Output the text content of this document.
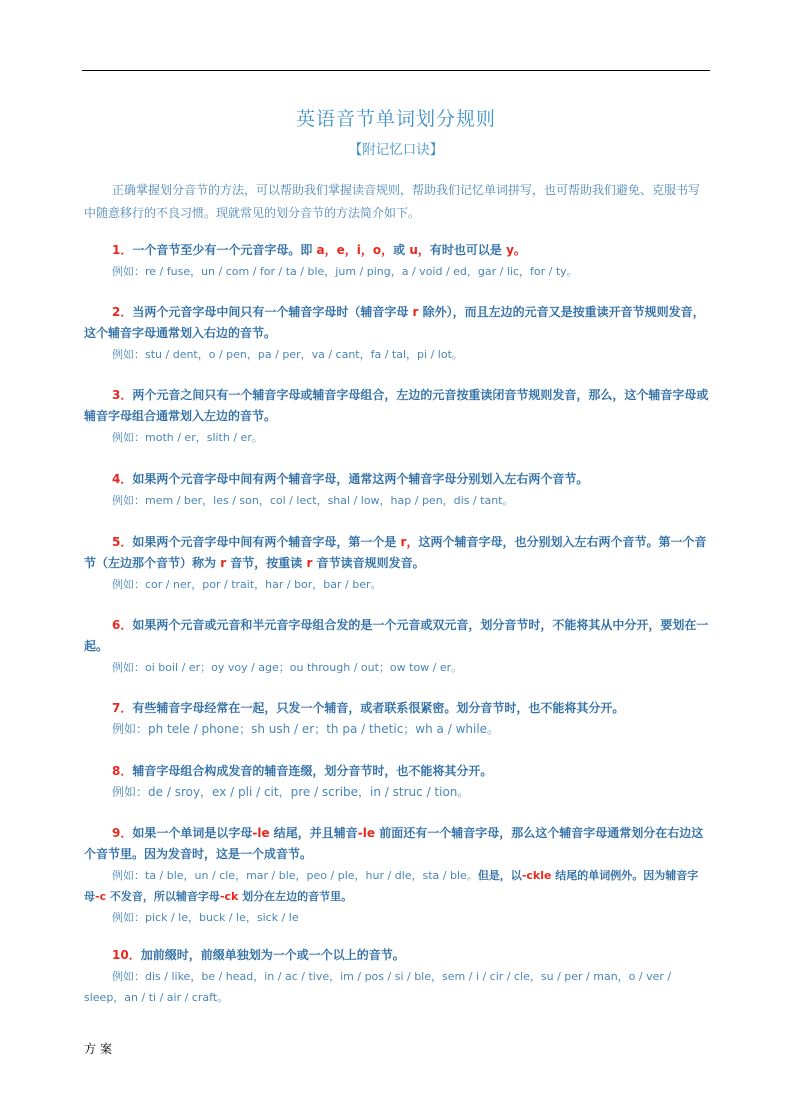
英语音节单词划分规则
【附记忆口诀】
正确掌握划分音节的方法，可以帮助我们掌握读音规则，帮助我们记忆单词拼写，也可帮助我们避免、克服书写中随意移行的不良习惯。现就常见的划分音节的方法简介如下。
1．一个音节至少有一个元音字母。即 a，e，i，o，或 u，有时也可以是 y。
例如：re / fuse，un / com / for / ta / ble，jum / ping，a / void / ed，gar / lic，for / ty。
2．当两个元音字母中间只有一个辅音字母时（辅音字母 r 除外），而且左边的元音又是按重读开音节规则发音，这个辅音字母通常划入右边的音节。
例如：stu / dent，o / pen，pa / per，va / cant，fa / tal，pi / lot。
3．两个元音之间只有一个辅音字母或辅音字母组合，左边的元音按重读闭音节规则发音，那么，这个辅音字母或辅音字母组合通常划入左边的音节。
例如：moth / er，slith / er。
4．如果两个元音字母中间有两个辅音字母，通常这两个辅音字母分别划入左右两个音节。
例如：mem / ber，les / son，col / lect，shal / low，hap / pen，dis / tant。
5．如果两个元音字母中间有两个辅音字母，第一个是 r，这两个辅音字母，也分别划入左右两个音节。第一个音节（左边那个音节）称为 r 音节，按重读 r 音节读音规则发音。
例如：cor / ner，por / trait，har / bor，bar / ber。
6．如果两个元音或元音和半元音字母组合发的是一个元音或双元音，划分音节时，不能将其从中分开，要划在一起。
例如：oi boil / er；oy voy / age；ou through / out；ow tow / er。
7．有些辅音字母经常在一起，只发一个辅音，或者联系很紧密。划分音节时，也不能将其分开。
例如：ph tele / phone；sh ush / er；th pa / thetic；wh a / while。
8．辅音字母组合构成发音的辅音连缀，划分音节时，也不能将其分开。
例如：de / sroy，ex / pli / cit，pre / scribe，in / struc / tion。
9．如果一个单词是以字母-le 结尾，并且辅音-le 前面还有一个辅音字母，那么这个辅音字母通常划分在右边这个音节里。因为发音时，这是一个成音节。
例如：ta / ble，un / cle，mar / ble，peo / ple，hur / dle，sta / ble。但是，以-ckle 结尾的单词例外。因为辅音字母-c 不发音，所以辅音字母-ck 划分在左边的音节里。
例如：pick / le，buck / le，sick / le
10．加前缀时，前缀单独划为一个或一个以上的音节。
例如：dis / like，be / head，in / ac / tive，im / pos / si / ble，sem / i / cir / cle，su / per / man，o / ver / sleep，an / ti / air / craft。
方案
